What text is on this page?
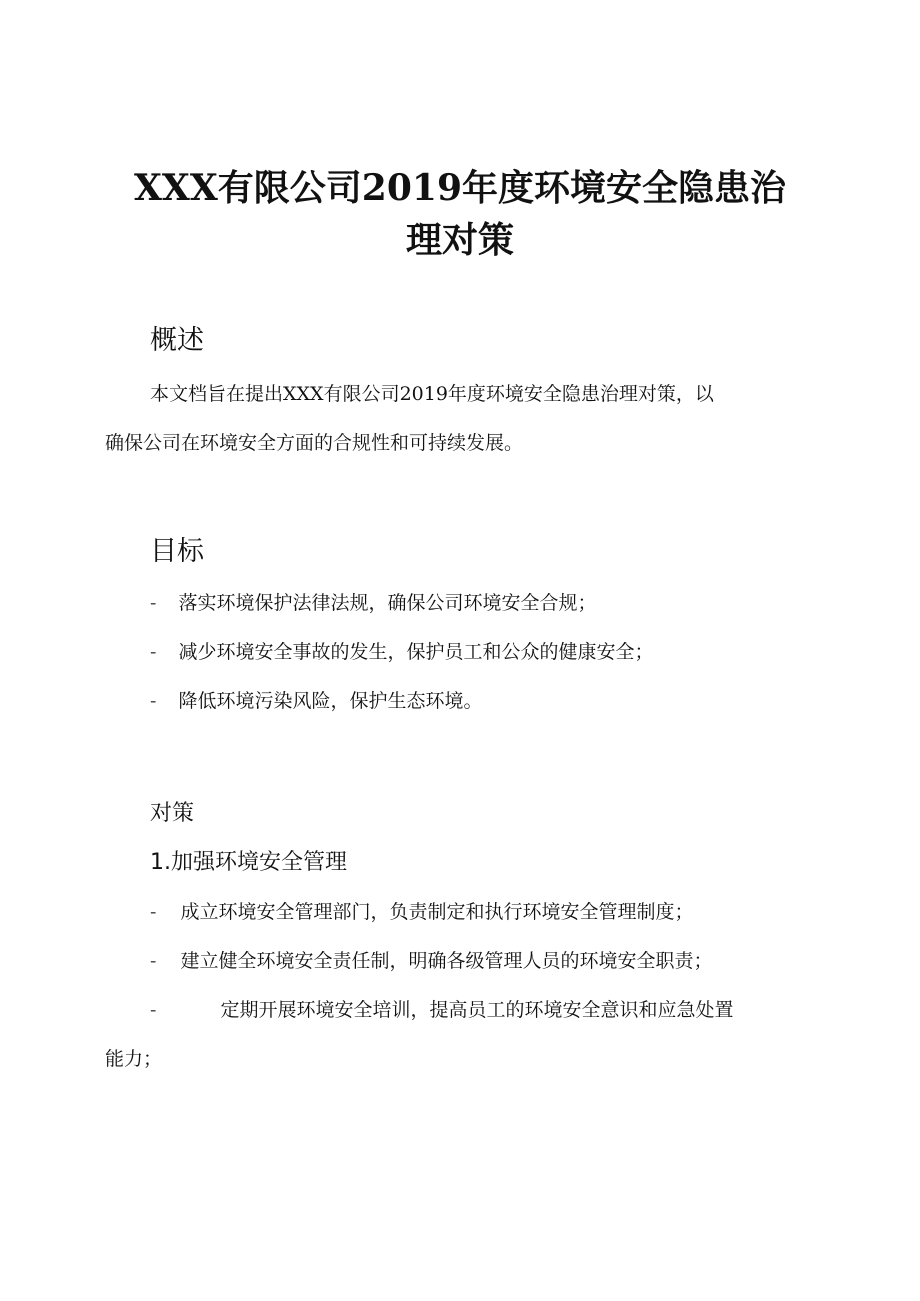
XXX有限公司2019年度环境安全隐患治
理对策
概述
本文档旨在提出XXX有限公司2019年度环境安全隐患治理对策，以
确保公司在环境安全方面的合规性和可持续发展。
目标
- 落实环境保护法律法规，确保公司环境安全合规；
- 减少环境安全事故的发生，保护员工和公众的健康安全；
- 降低环境污染风险，保护生态环境。
对策
1.加强环境安全管理
- 成立环境安全管理部门，负责制定和执行环境安全管理制度；
- 建立健全环境安全责任制，明确各级管理人员的环境安全职责；
-	定期开展环境安全培训，提高员工的环境安全意识和应急处置
能力；
